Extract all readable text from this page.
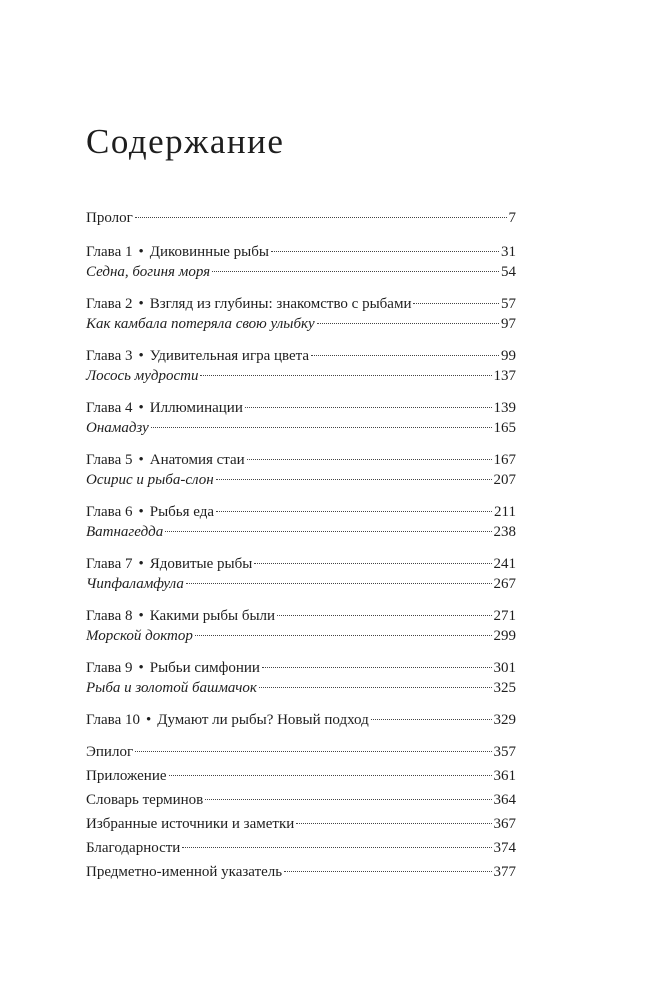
Содержание
Пролог	7
Глава 1 • Диковинные рыбы	31
Седна, богиня моря	54
Глава 2 • Взгляд из глубины: знакомство с рыбами	57
Как камбала потеряла свою улыбку	97
Глава 3 • Удивительная игра цвета	99
Лосось мудрости	137
Глава 4 • Иллюминации	139
Онамадзу	165
Глава 5 • Анатомия стаи	167
Осирис и рыба-слон	207
Глава 6 • Рыбья еда	211
Ватнагедда	238
Глава 7 • Ядовитые рыбы	241
Чипфаламфула	267
Глава 8 • Какими рыбы были	271
Морской доктор	299
Глава 9 • Рыбьи симфонии	301
Рыба и золотой башмачок	325
Глава 10 • Думают ли рыбы? Новый подход	329
Эпилог	357
Приложение	361
Словарь терминов	364
Избранные источники и заметки	367
Благодарности	374
Предметно-именной указатель	377
